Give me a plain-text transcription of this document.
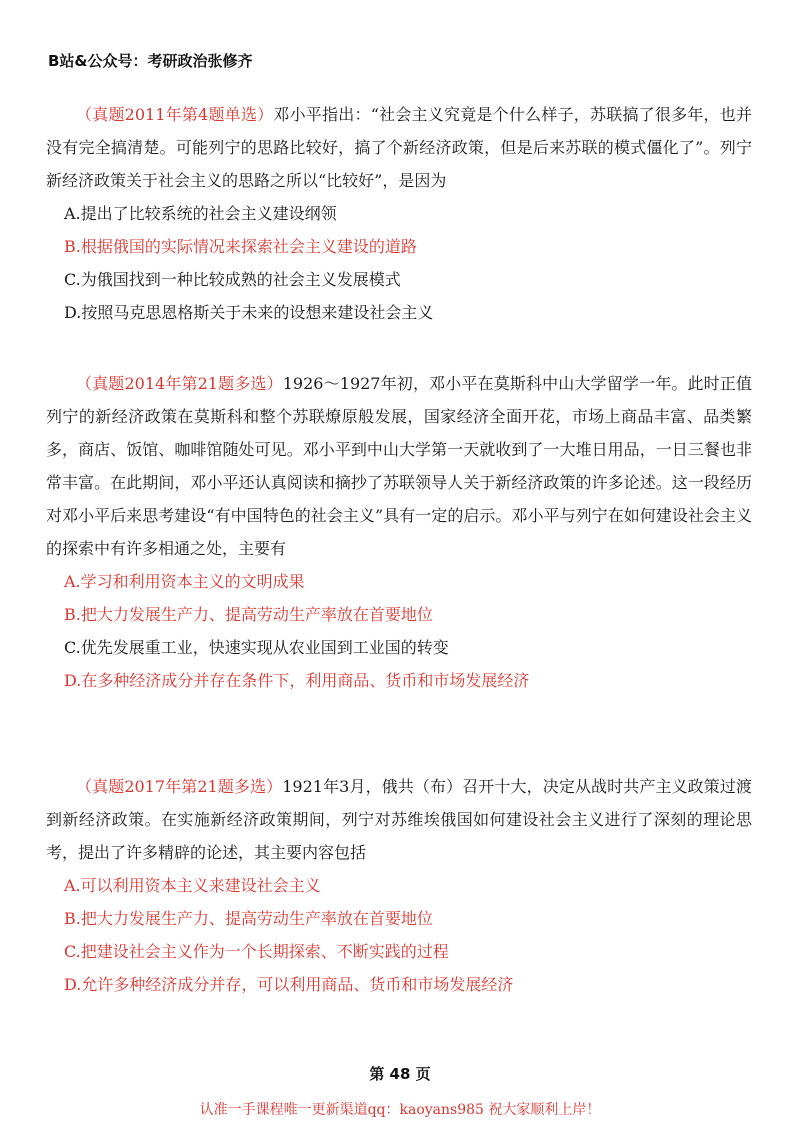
B站&公众号：考研政治张修齐
（真题2011年第4题单选）邓小平指出：“社会主义究竟是个什么样子，苏联搞了很多年，也并没有完全搞清楚。可能列宁的思路比较好，搞了个新经济政策，但是后来苏联的模式僵化了”。列宁新经济政策关于社会主义的思路之所以“比较好”，是因为
A.提出了比较系统的社会主义建设纲领
B.根据俄国的实际情况来探索社会主义建设的道路
C.为俄国找到一种比较成熟的社会主义发展模式
D.按照马克思恩格斯关于未来的设想来建设社会主义
（真题2014年第21题多选）1926～1927年初，邓小平在莫斯科中山大学留学一年。此时正值列宁的新经济政策在莫斯科和整个苏联燎原般发展，国家经济全面开花，市场上商品丰富、品类繁多，商店、饭馆、咖啡馆随处可见。邓小平到中山大学第一天就收到了一大堆日用品，一日三餐也非常丰富。在此期间，邓小平还认真阅读和摘抄了苏联领导人关于新经济政策的许多论述。这一段经历对邓小平后来思考建设“有中国特色的社会主义”具有一定的启示。邓小平与列宁在如何建设社会主义的探索中有许多相通之处，主要有
A.学习和利用资本主义的文明成果
B.把大力发展生产力、提高劳动生产率放在首要地位
C.优先发展重工业，快速实现从农业国到工业国的转变
D.在多种经济成分并存在条件下，利用商品、货币和市场发展经济
（真题2017年第21题多选）1921年3月，俄共（布）召开十大，决定从战时共产主义政策过渡到新经济政策。在实施新经济政策期间，列宁对苏维埃俄国如何建设社会主义进行了深刻的理论思考，提出了许多精辟的论述，其主要内容包括
A.可以利用资本主义来建设社会主义
B.把大力发展生产力、提高劳动生产率放在首要地位
C.把建设社会主义作为一个长期探索、不断实践的过程
D.允许多种经济成分并存，可以利用商品、货币和市场发展经济
第 48 页
认准一手课程唯一更新渠道qq：kaoyans985 祝大家顺利上岸！
